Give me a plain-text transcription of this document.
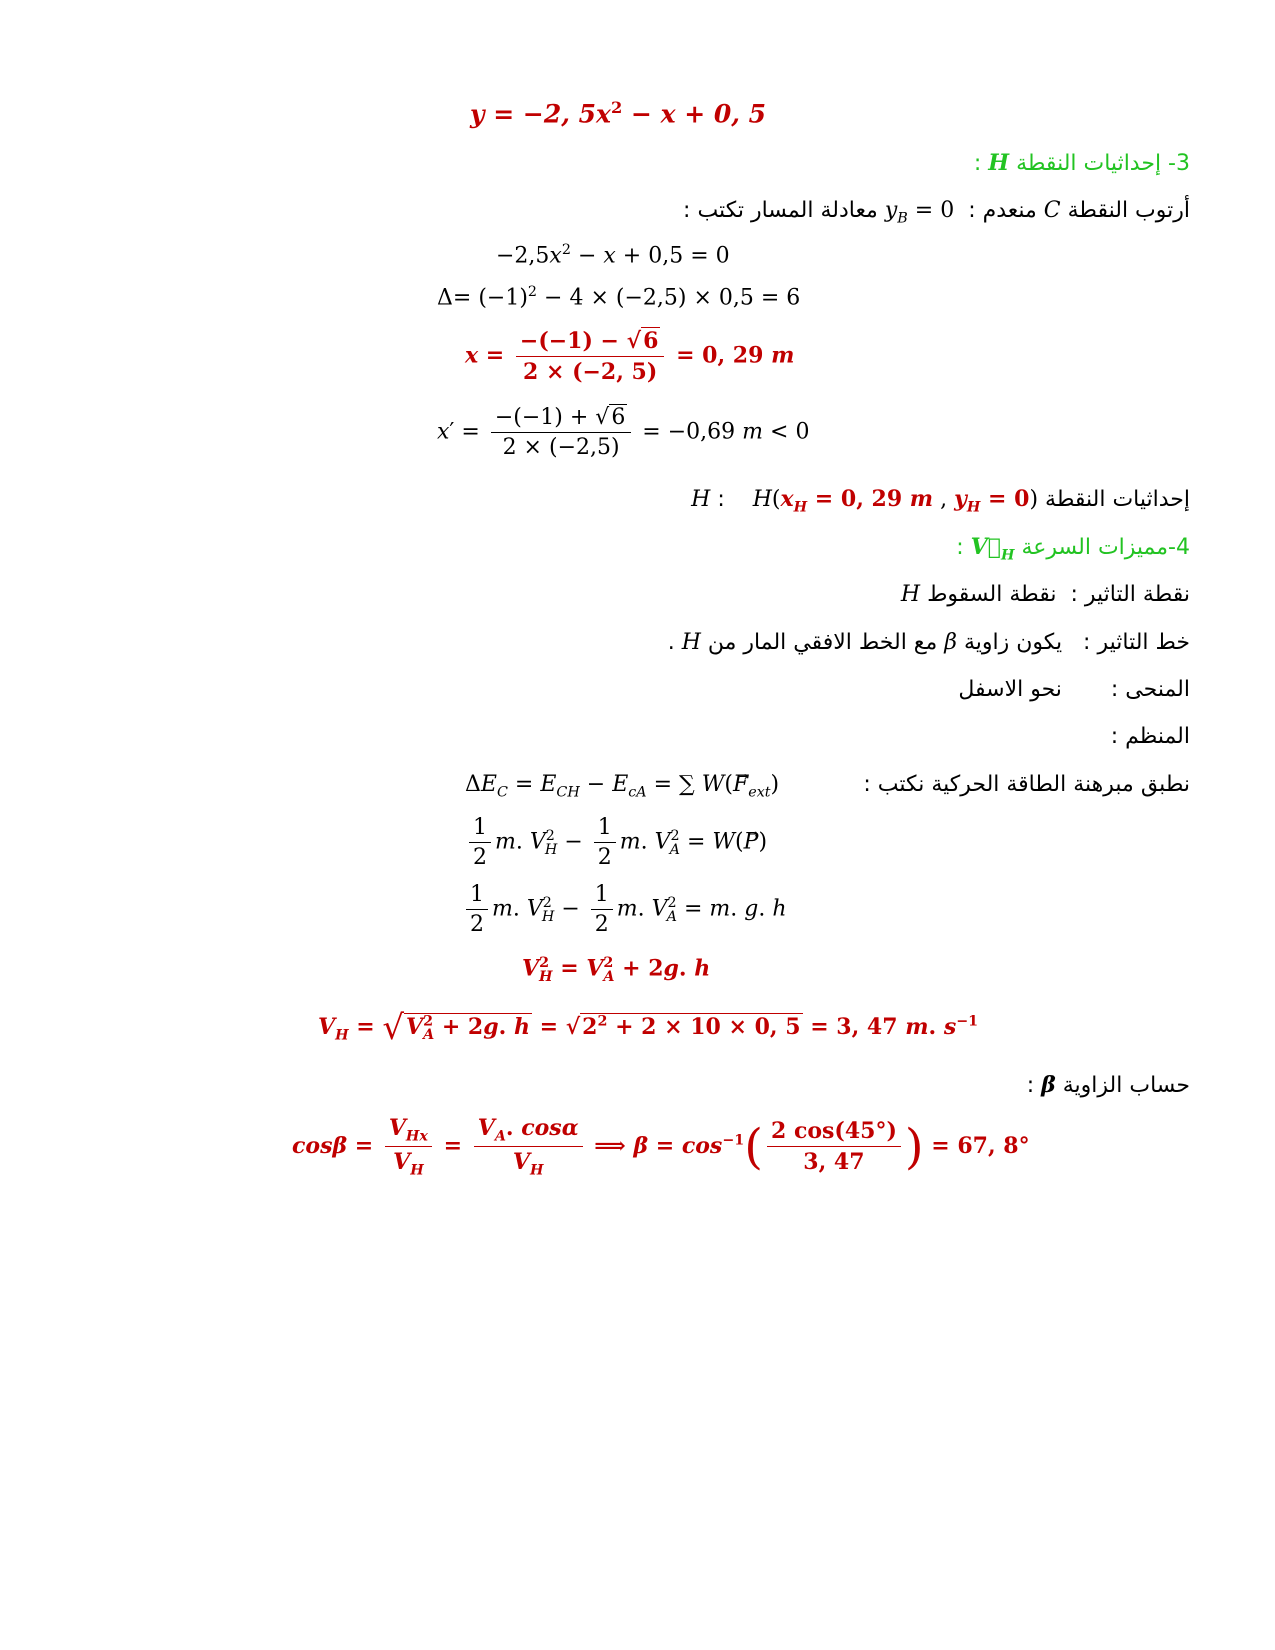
y = −2, $5x^2 - x + 0$, 5
3- إحداثيات النقطة H :
أرتوب النقطة C منعدم :  $y_B = 0$ معادلة المسار تكتب :
$-2,5x^2 - x + 0,5 = 0$
$\Delta= (-1)^2 - 4 \times (-2,5) \times 0,5 = 6$
$x = \frac{-(-1) - √6}{2 \times (-2, 5)} = 0$, 29 m
$x' = \frac{-(-1) + √6}{2 \times (-2,5)} = -0,69$ m < 0
إحداثيات النقطة H :    $H(x_H = 0$, 29 m , $y_H = 0$)
4-مميزات السرعة $V⃗_H$ :
نقطة التاثير :  نقطة السقوط H
خط التاثير :   يكون زاوية β مع الخط الافقي المار من H .
المنحى :       نحو الاسفل
المنظم :
نطبق مبرهنة الطاقة الحركية نكتب :
$\Delta E_C = E_{CH} - E_{cA}$ = ∑ $W(F_{ext})$
$\frac{1}{2} m$. $V^2_H - \frac{1}{2} m$. $V^2_A$ = W(P⃗)
$\frac{1}{2} m$. $V^2_H - \frac{1}{2} m$. $V^2_A = m$. g. h
$V^2_H = V^2_A + 2g$. h
$V_H = √V^2_A + 2g$. $h = √2^2 + 2 \times 10 \times 0$, 5 = 3, 47 m. $s^{-1}$
حساب الزاوية β :
$\cos\beta = \frac{V_{Hx}}{V_H} = \frac{V_A. \cos\alpha}{V_H}$ ⟹ $\beta = \cos^{-1}( \frac{2 \cos(45^\circ)}{3, 47}$ ) = 67, 8°
